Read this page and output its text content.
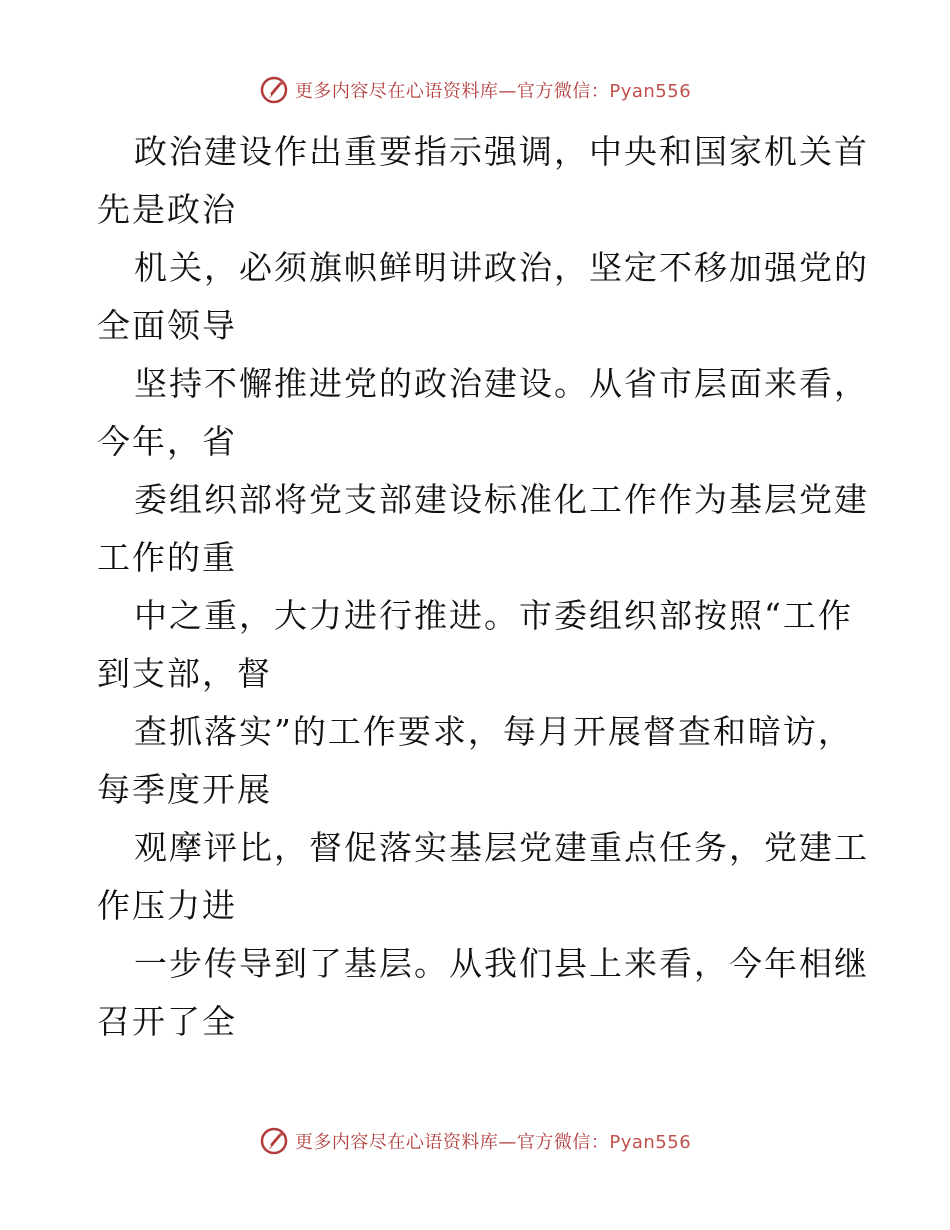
更多内容尽在心语资料库—官方微信：Pyan556

政治建设作出重要指示强调，中央和国家机关首
先是政治

机关，必须旗帜鲜明讲政治，坚定不移加强党的
全面领导

坚持不懈推进党的政治建设。从省市层面来看，
今年，省

委组织部将党支部建设标准化工作作为基层党建
工作的重

中之重，大力进行推进。市委组织部按照“工作
到支部，督

查抓落实”的工作要求，每月开展督查和暗访，
每季度开展

观摩评比，督促落实基层党建重点任务，党建工
作压力进

一步传导到了基层。从我们县上来看，今年相继
召开了全

更多内容尽在心语资料库—官方微信：Pyan556
